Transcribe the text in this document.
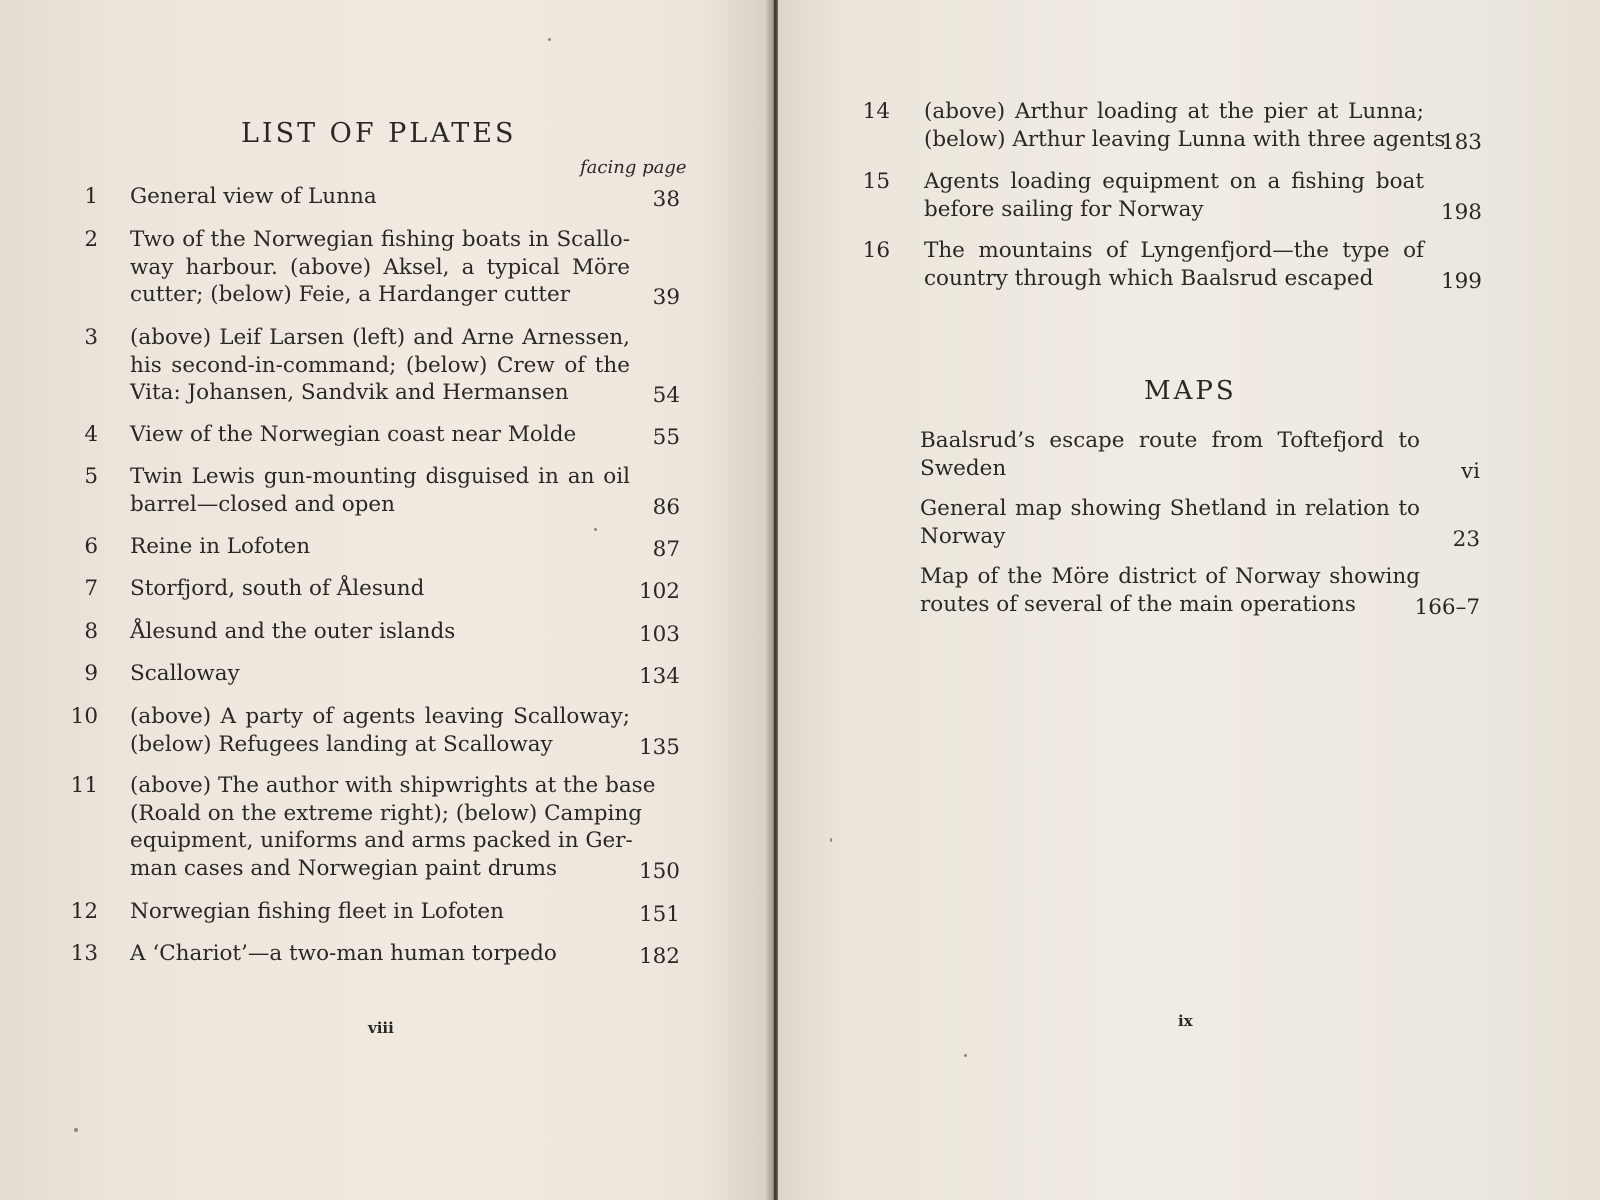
LIST OF PLATES
facing page
1 General view of Lunna	38
2 Two of the Norwegian fishing boats in Scallo-
way harbour. (above) Aksel, a typical Möre
cutter; (below) Feie, a Hardanger cutter	39
3 (above) Leif Larsen (left) and Arne Arnessen,
his second-in-command; (below) Crew of the
Vita: Johansen, Sandvik and Hermansen	54
4 View of the Norwegian coast near Molde	55
5 Twin Lewis gun-mounting disguised in an oil
barrel—closed and open	86
6 Reine in Lofoten	87
7 Storfjord, south of Ålesund	102
8 Ålesund and the outer islands	103
9 Scalloway	134
10 (above) A party of agents leaving Scalloway;
(below) Refugees landing at Scalloway	135
11 (above) The author with shipwrights at the base
(Roald on the extreme right); (below) Camping
equipment, uniforms and arms packed in Ger-
man cases and Norwegian paint drums	150
12 Norwegian fishing fleet in Lofoten	151
13 A ‘Chariot’—a two-man human torpedo	182
viii
14 (above) Arthur loading at the pier at Lunna;
(below) Arthur leaving Lunna with three agents
183
15 Agents loading equipment on a fishing boat
before sailing for Norway	198
16 The mountains of Lyngenfjord—the type of
country through which Baalsrud escaped	199
MAPS
Baalsrud’s escape route from Toftefjord to
Sweden	vi
General map showing Shetland in relation to
Norway	23
Map of the Möre district of Norway showing
routes of several of the main operations	166–7
ix
